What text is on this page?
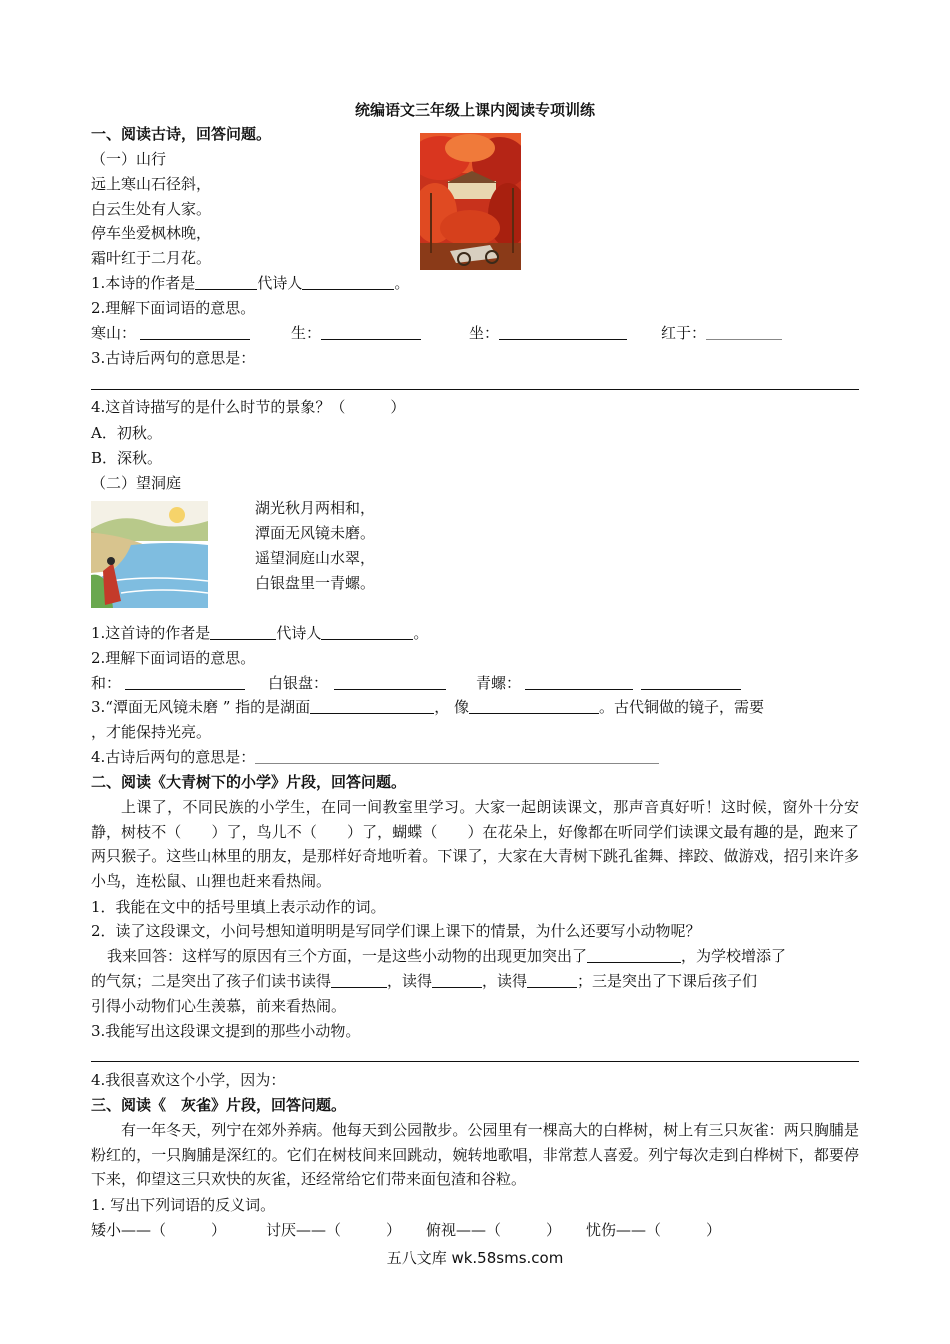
统编语文三年级上课内阅读专项训练
一、阅读古诗，回答问题。
（一）山行
远上寒山石径斜，
白云生处有人家。
停车坐爱枫林晚，
霜叶红于二月花。
1.本诗的作者是	代诗人	。
2.理解下面词语的意思。
寒山：	生：	坐：	红于：
3.古诗后两句的意思是：
4.这首诗描写的是什么时节的景象？（　　　）
A．初秋。
B．深秋。
（二）望洞庭
湖光秋月两相和，
潭面无风镜未磨。
遥望洞庭山水翠，
白银盘里一青螺。
1.这首诗的作者是	代诗人	。
2.理解下面词语的意思。
和：	白银盘：	青螺：
3.“潭面无风镜未磨 ” 指的是湖面	， 像	。古代铜做的镜子，需要
，才能保持光亮。
4.古诗后两句的意思是：
二、阅读《大青树下的小学》片段，回答问题。
上课了，不同民族的小学生，在同一间教室里学习。大家一起朗读课文，那声音真好听！这时候，窗外十分安静，树枝不（　　）了，鸟儿不（　　）了，蝴蝶（　　）在花朵上，好像都在听同学们读课文最有趣的是，跑来了两只猴子。这些山林里的朋友，是那样好奇地听着。下课了，大家在大青树下跳孔雀舞、摔跤、做游戏，招引来许多小鸟，连松鼠、山狸也赶来看热闹。
1．我能在文中的括号里填上表示动作的词。
2．读了这段课文，小问号想知道明明是写同学们课上课下的情景，为什么还要写小动物呢？
我来回答：这样写的原因有三个方面，一是这些小动物的出现更加突出了	，为学校增添了
的气氛；二是突出了孩子们读书读得	，读得	，读得	；三是突出了下课后孩子们
引得小动物们心生羡慕，前来看热闹。
3.我能写出这段课文提到的那些小动物。
4.我很喜欢这个小学，因为：
三、阅读《　灰雀》片段，回答问题。
有一年冬天，列宁在郊外养病。他每天到公园散步。公园里有一棵高大的白桦树，树上有三只灰雀：两只胸脯是粉红的，一只胸脯是深红的。它们在树枝间来回跳动，婉转地歌唱，非常惹人喜爱。列宁每次走到白桦树下，都要停下来，仰望这三只欢快的灰雀，还经常给它们带来面包渣和谷粒。
1. 写出下列词语的反义词。
矮小——（　　　）	讨厌——（　　　） 俯视——（　　　） 忧伤——（　　　）
五八文库 wk.58sms.com
